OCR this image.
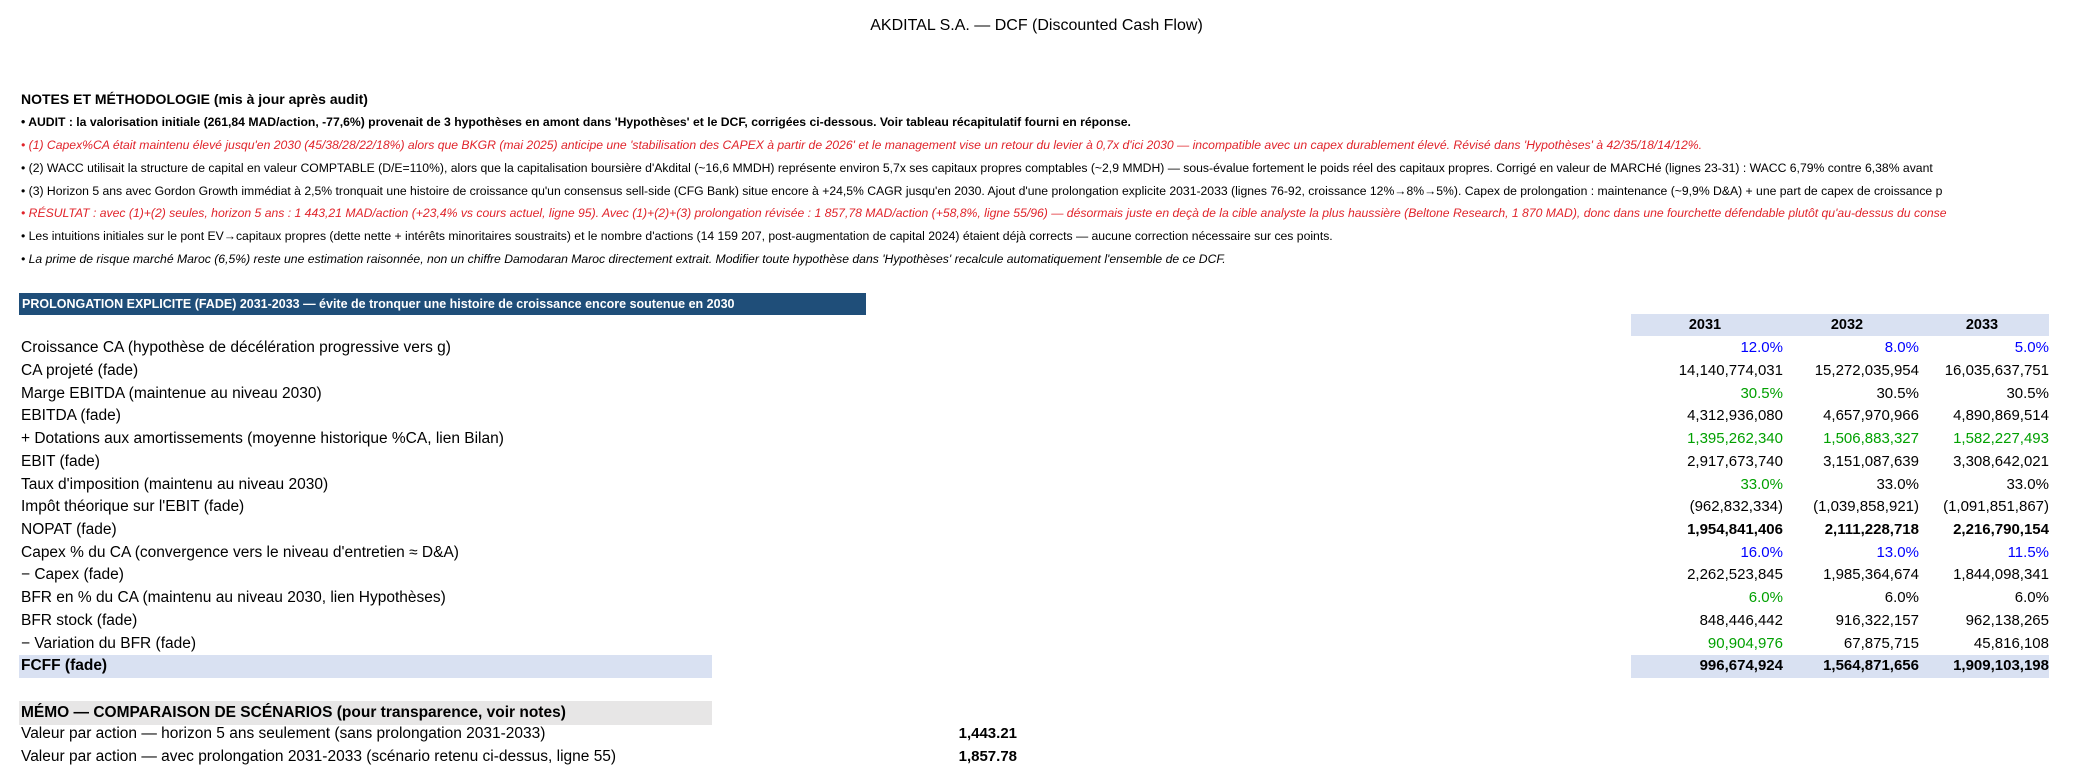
AKDITAL S.A. — DCF (Discounted Cash Flow)
NOTES ET MÉTHODOLOGIE (mis à jour après audit)
• AUDIT : la valorisation initiale (261,84 MAD/action, -77,6%) provenait de 3 hypothèses en amont dans 'Hypothèses' et le DCF, corrigées ci-dessous. Voir tableau récapitulatif fourni en réponse.
• (1) Capex%CA était maintenu élevé jusqu'en 2030 (45/38/28/22/18%) alors que BKGR (mai 2025) anticipe une 'stabilisation des CAPEX à partir de 2026' et le management vise un retour du levier à 0,7x d'ici 2030 — incompatible avec un capex durablement élevé. Révisé dans 'Hypothèses' à 42/35/18/14/12%.
• (2) WACC utilisait la structure de capital en valeur COMPTABLE (D/E=110%), alors que la capitalisation boursière d'Akdital (~16,6 MMDH) représente environ 5,7x ses capitaux propres comptables (~2,9 MMDH) — sous-évalue fortement le poids réel des capitaux propres. Corrigé en valeur de MARCHé (lignes 23-31) : WACC 6,79% contre 6,38% avant
• (3) Horizon 5 ans avec Gordon Growth immédiat à 2,5% tronquait une histoire de croissance qu'un consensus sell-side (CFG Bank) situe encore à +24,5% CAGR jusqu'en 2030. Ajout d'une prolongation explicite 2031-2033 (lignes 76-92, croissance 12%→8%→5%). Capex de prolongation : maintenance (~9,9% D&A) + une part de capex de croissance p
• RÉSULTAT : avec (1)+(2) seules, horizon 5 ans : 1 443,21 MAD/action (+23,4% vs cours actuel, ligne 95). Avec (1)+(2)+(3) prolongation révisée : 1 857,78 MAD/action (+58,8%, ligne 55/96) — désormais juste en deçà de la cible analyste la plus haussière (Beltone Research, 1 870 MAD), donc dans une fourchette défendable plutôt qu'au-dessus du conse
• Les intuitions initiales sur le pont EV→capitaux propres (dette nette + intérêts minoritaires soustraits) et le nombre d'actions (14 159 207, post-augmentation de capital 2024) étaient déjà corrects — aucune correction nécessaire sur ces points.
• La prime de risque marché Maroc (6,5%) reste une estimation raisonnée, non un chiffre Damodaran Maroc directement extrait. Modifier toute hypothèse dans 'Hypothèses' recalcule automatiquement l'ensemble de ce DCF.
PROLONGATION EXPLICITE (FADE) 2031-2033 — évite de tronquer une histoire de croissance encore soutenue en 2030
2031	2032	2033
Croissance CA (hypothèse de décélération progressive vers g)	12.0%	8.0%	5.0%
CA projeté (fade)	14,140,774,031 15,272,035,954 16,035,637,751
Marge EBITDA (maintenue au niveau 2030)	30.5%	30.5%	30.5%
EBITDA (fade)	4,312,936,080	4,657,970,966 4,890,869,514
+ Dotations aux amortissements (moyenne historique %CA, lien Bilan)	1,395,262,340	1,506,883,327 1,582,227,493
EBIT (fade)	2,917,673,740	3,151,087,639 3,308,642,021
Taux d'imposition (maintenu au niveau 2030)	33.0%	33.0%	33.0%
Impôt théorique sur l'EBIT (fade)	(962,832,334) (1,039,858,921) (1,091,851,867)
NOPAT (fade)	1,954,841,406	2,111,228,718 2,216,790,154
Capex % du CA (convergence vers le niveau d'entretien ≈ D&A)	16.0%	13.0%	11.5%
− Capex (fade)	2,262,523,845	1,985,364,674 1,844,098,341
BFR en % du CA (maintenu au niveau 2030, lien Hypothèses)	6.0%	6.0%	6.0%
BFR stock (fade)	848,446,442	916,322,157	962,138,265
− Variation du BFR (fade)	90,904,976	67,875,715	45,816,108
FCFF (fade)	996,674,924	1,564,871,656 1,909,103,198
MÉMO — COMPARAISON DE SCÉNARIOS (pour transparence, voir notes)
Valeur par action — horizon 5 ans seulement (sans prolongation 2031-2033)	1,443.21
Valeur par action — avec prolongation 2031-2033 (scénario retenu ci-dessus, ligne 55)	1,857.78
